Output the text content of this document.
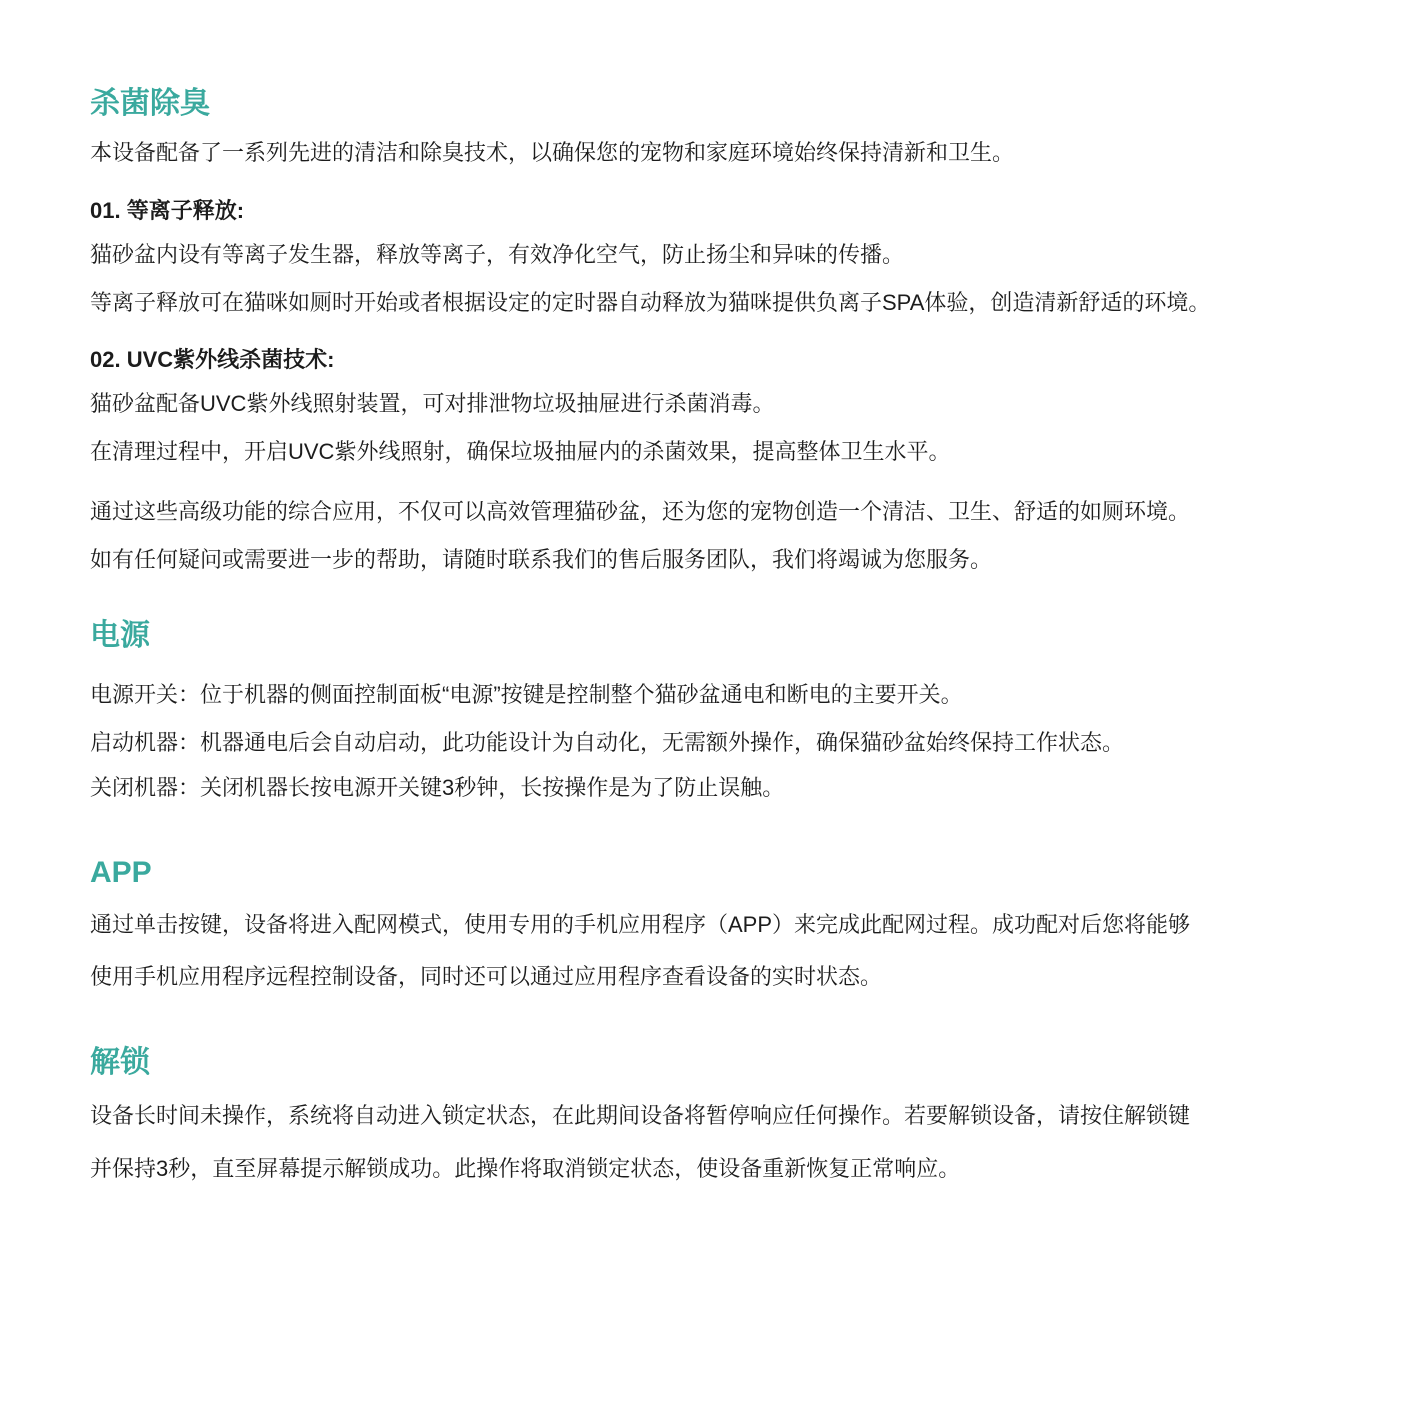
杀菌除臭

本设备配备了一系列先进的清洁和除臭技术，以确保您的宠物和家庭环境始终保持清新和卫生。

01. 等离子释放:

猫砂盆内设有等离子发生器，释放等离子，有效净化空气，防止扬尘和异味的传播。

等离子释放可在猫咪如厕时开始或者根据设定的定时器自动释放为猫咪提供负离子SPA体验，创造清新舒适的环境。

02. UVC紫外线杀菌技术:

猫砂盆配备UVC紫外线照射装置，可对排泄物垃圾抽屉进行杀菌消毒。

在清理过程中，开启UVC紫外线照射，确保垃圾抽屉内的杀菌效果，提高整体卫生水平。

通过这些高级功能的综合应用，不仅可以高效管理猫砂盆，还为您的宠物创造一个清洁、卫生、舒适的如厕环境。

如有任何疑问或需要进一步的帮助，请随时联系我们的售后服务团队，我们将竭诚为您服务。

电源

电源开关：位于机器的侧面控制面板“电源”按键是控制整个猫砂盆通电和断电的主要开关。

启动机器：机器通电后会自动启动，此功能设计为自动化，无需额外操作，确保猫砂盆始终保持工作状态。

关闭机器：关闭机器长按电源开关键3秒钟，长按操作是为了防止误触。

APP

通过单击按键，设备将进入配网模式，使用专用的手机应用程序（APP）来完成此配网过程。成功配对后您将能够

使用手机应用程序远程控制设备，同时还可以通过应用程序查看设备的实时状态。

解锁

设备长时间未操作，系统将自动进入锁定状态，在此期间设备将暂停响应任何操作。若要解锁设备，请按住解锁键

并保持3秒，直至屏幕提示解锁成功。此操作将取消锁定状态，使设备重新恢复正常响应。
